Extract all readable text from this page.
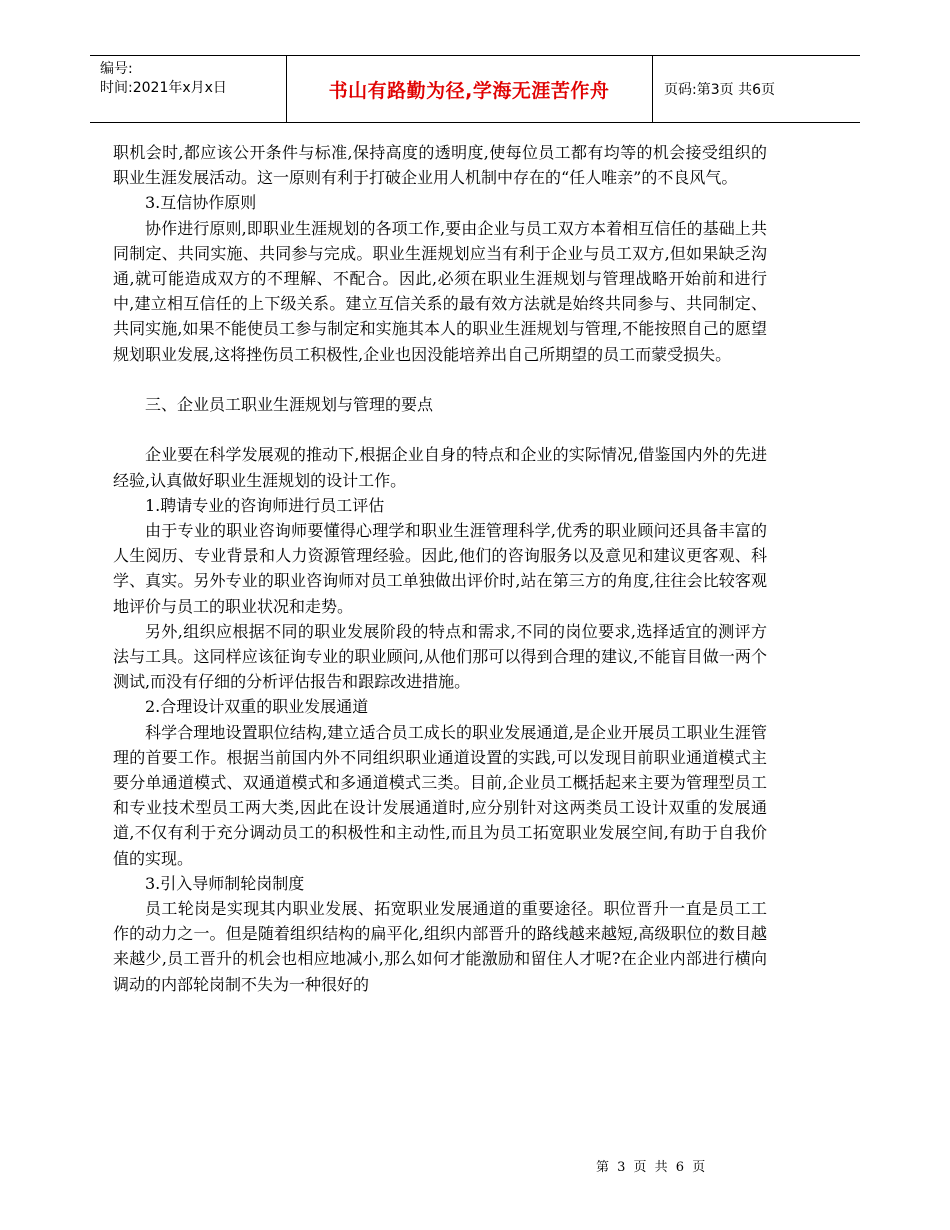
编号:
时间:2021年x月x日	书山有路勤为径,学海无涯苦作舟	页码:第3页 共6页

职机会时,都应该公开条件与标准,保持高度的透明度,使每位员工都有均等的机会接受组织的职业生涯发展活动。这一原则有利于打破企业用人机制中存在的“任人唯亲”的不良风气。

3.互信协作原则

协作进行原则,即职业生涯规划的各项工作,要由企业与员工双方本着相互信任的基础上共同制定、共同实施、共同参与完成。职业生涯规划应当有利于企业与员工双方,但如果缺乏沟通,就可能造成双方的不理解、不配合。因此,必须在职业生涯规划与管理战略开始前和进行中,建立相互信任的上下级关系。建立互信关系的最有效方法就是始终共同参与、共同制定、共同实施,如果不能使员工参与制定和实施其本人的职业生涯规划与管理,不能按照自己的愿望规划职业发展,这将挫伤员工积极性,企业也因没能培养出自己所期望的员工而蒙受损失。

三、企业员工职业生涯规划与管理的要点

企业要在科学发展观的推动下,根据企业自身的特点和企业的实际情况,借鉴国内外的先进经验,认真做好职业生涯规划的设计工作。

1.聘请专业的咨询师进行员工评估

由于专业的职业咨询师要懂得心理学和职业生涯管理科学,优秀的职业顾问还具备丰富的人生阅历、专业背景和人力资源管理经验。因此,他们的咨询服务以及意见和建议更客观、科学、真实。另外专业的职业咨询师对员工单独做出评价时,站在第三方的角度,往往会比较客观地评价与员工的职业状况和走势。

另外,组织应根据不同的职业发展阶段的特点和需求,不同的岗位要求,选择适宜的测评方法与工具。这同样应该征询专业的职业顾问,从他们那可以得到合理的建议,不能盲目做一两个测试,而没有仔细的分析评估报告和跟踪改进措施。

2.合理设计双重的职业发展通道

科学合理地设置职位结构,建立适合员工成长的职业发展通道,是企业开展员工职业生涯管理的首要工作。根据当前国内外不同组织职业通道设置的实践,可以发现目前职业通道模式主要分单通道模式、双通道模式和多通道模式三类。目前,企业员工概括起来主要为管理型员工和专业技术型员工两大类,因此在设计发展通道时,应分别针对这两类员工设计双重的发展通道,不仅有利于充分调动员工的积极性和主动性,而且为员工拓宽职业发展空间,有助于自我价值的实现。

3.引入导师制轮岗制度

员工轮岗是实现其内职业发展、拓宽职业发展通道的重要途径。职位晋升一直是员工工作的动力之一。但是随着组织结构的扁平化,组织内部晋升的路线越来越短,高级职位的数目越来越少,员工晋升的机会也相应地减小,那么如何才能激励和留住人才呢?在企业内部进行横向调动的内部轮岗制不失为一种很好的

第 3 页 共 6 页
